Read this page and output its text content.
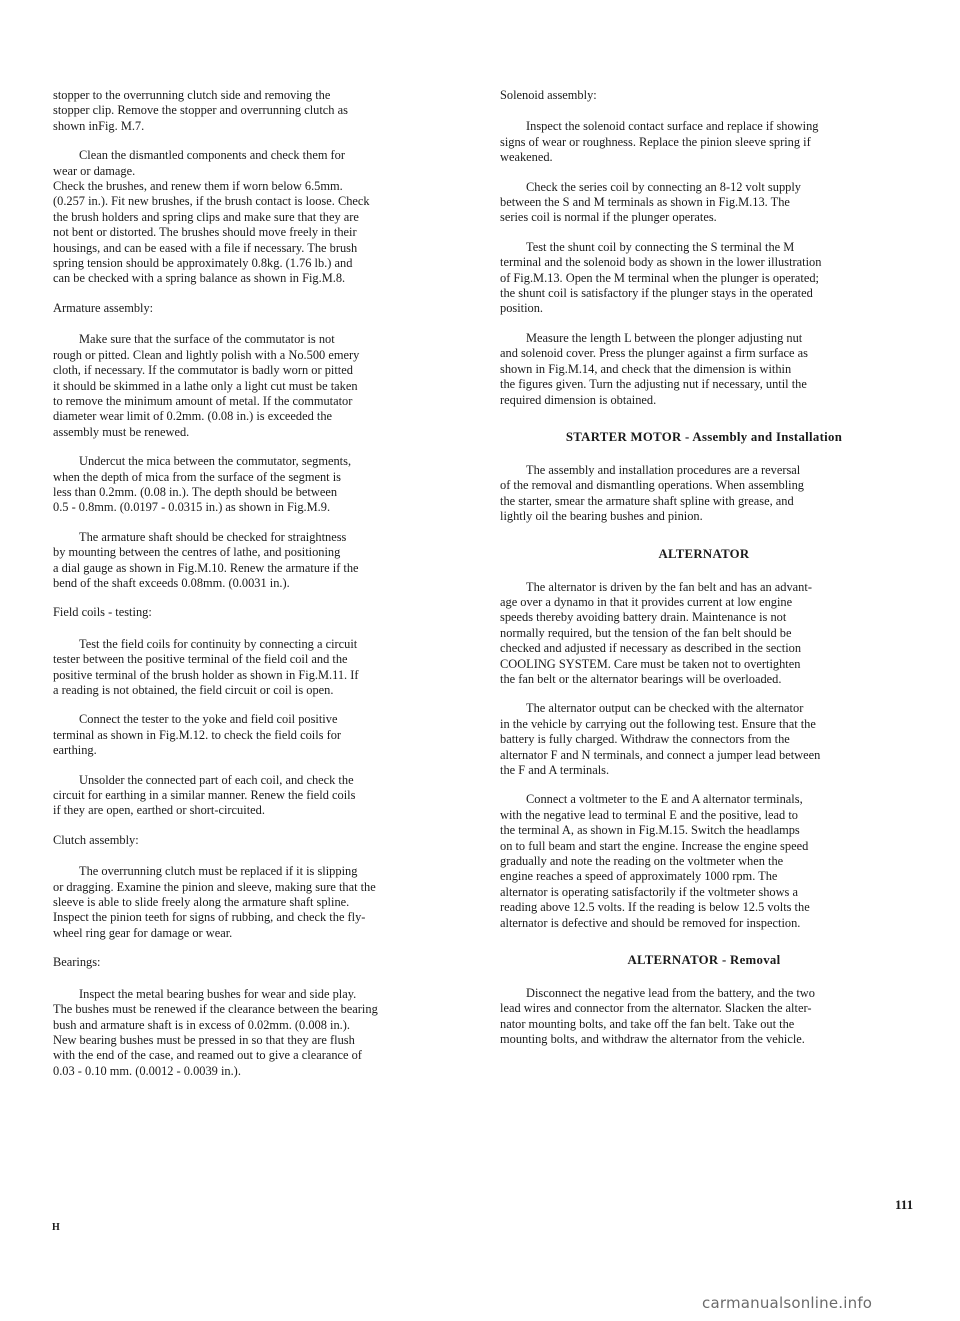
stopper to the overrunning clutch side and removing the
stopper clip. Remove the stopper and overrunning clutch as
shown inFig. M.7.

Clean the dismantled components and check them for
wear or damage.
Check the brushes, and renew them if worn below 6.5mm.
(0.257 in.). Fit new brushes, if the brush contact is loose. Check
the brush holders and spring clips and make sure that they are
not bent or distorted. The brushes should move freely in their
housings, and can be eased with a file if necessary. The brush
spring tension should be approximately 0.8kg. (1.76 lb.) and
can be checked with a spring balance as shown in Fig.M.8.

Armature assembly:

Make sure that the surface of the commutator is not
rough or pitted. Clean and lightly polish with a No.500 emery
cloth, if necessary. If the commutator is badly worn or pitted
it should be skimmed in a lathe only a light cut must be taken
to remove the minimum amount of metal. If the commutator
diameter wear limit of 0.2mm. (0.08 in.) is exceeded the
assembly must be renewed.

Undercut the mica between the commutator, segments,
when the depth of mica from the surface of the segment is
less than 0.2mm. (0.08 in.). The depth should be between
0.5 - 0.8mm. (0.0197 - 0.0315 in.) as shown in Fig.M.9.

The armature shaft should be checked for straightness
by mounting between the centres of lathe, and positioning
a dial gauge as shown in Fig.M.10. Renew the armature if the
bend of the shaft exceeds 0.08mm. (0.0031 in.).

Field coils - testing:

Test the field coils for continuity by connecting a circuit
tester between the positive terminal of the field coil and the
positive terminal of the brush holder as shown in Fig.M.11. If
a reading is not obtained, the field circuit or coil is open.

Connect the tester to the yoke and field coil positive
terminal as shown in Fig.M.12. to check the field coils for
earthing.

Unsolder the connected part of each coil, and check the
circuit for earthing in a similar manner. Renew the field coils
if they are open, earthed or short-circuited.

Clutch assembly:

The overrunning clutch must be replaced if it is slipping
or dragging. Examine the pinion and sleeve, making sure that the
sleeve is able to slide freely along the armature shaft spline.
Inspect the pinion teeth for signs of rubbing, and check the fly-
wheel ring gear for damage or wear.

Bearings:

Inspect the metal bearing bushes for wear and side play.
The bushes must be renewed if the clearance between the bearing
bush and armature shaft is in excess of 0.02mm. (0.008 in.).
New bearing bushes must be pressed in so that they are flush
with the end of the case, and reamed out to give a clearance of
0.03 - 0.10 mm. (0.0012 - 0.0039 in.).

Solenoid assembly:

Inspect the solenoid contact surface and replace if showing
signs of wear or roughness. Replace the pinion sleeve spring if
weakened.

Check the series coil by connecting an 8-12 volt supply
between the S and M terminals as shown in Fig.M.13. The
series coil is normal if the plunger operates.

Test the shunt coil by connecting the S terminal the M
terminal and the solenoid body as shown in the lower illustration
of Fig.M.13. Open the M terminal when the plunger is operated;
the shunt coil is satisfactory if the plunger stays in the operated
position.

Measure the length L between the plonger adjusting nut
and solenoid cover. Press the plunger against a firm surface as
shown in Fig.M.14, and check that the dimension is within
the figures given. Turn the adjusting nut if necessary, until the
required dimension is obtained.

STARTER MOTOR - Assembly and Installation

The assembly and installation procedures are a reversal
of the removal and dismantling operations. When assembling
the starter, smear the armature shaft spline with grease, and
lightly oil the bearing bushes and pinion.

ALTERNATOR

The alternator is driven by the fan belt and has an advant-
age over a dynamo in that it provides current at low engine
speeds thereby avoiding battery drain. Maintenance is not
normally required, but the tension of the fan belt should be
checked and adjusted if necessary as described in the section
COOLING SYSTEM. Care must be taken not to overtighten
the fan belt or the alternator bearings will be overloaded.

The alternator output can be checked with the alternator
in the vehicle by carrying out the following test. Ensure that the
battery is fully charged. Withdraw the connectors from the
alternator F and N terminals, and connect a jumper lead between
the F and A terminals.

Connect a voltmeter to the E and A alternator terminals,
with the negative lead to terminal E and the positive, lead to
the terminal A, as shown in Fig.M.15. Switch the headlamps
on to full beam and start the engine. Increase the engine speed
gradually and note the reading on the voltmeter when the
engine reaches a speed of approximately 1000 rpm. The
alternator is operating satisfactorily if the voltmeter shows a
reading above 12.5 volts. If the reading is below 12.5 volts the
alternator is defective and should be removed for inspection.

ALTERNATOR - Removal

Disconnect the negative lead from the battery, and the two
lead wires and connector from the alternator. Slacken the alter-
nator mounting bolts, and take off the fan belt. Take out the
mounting bolts, and withdraw the alternator from the vehicle.

111
H
carmanualsonline.info
